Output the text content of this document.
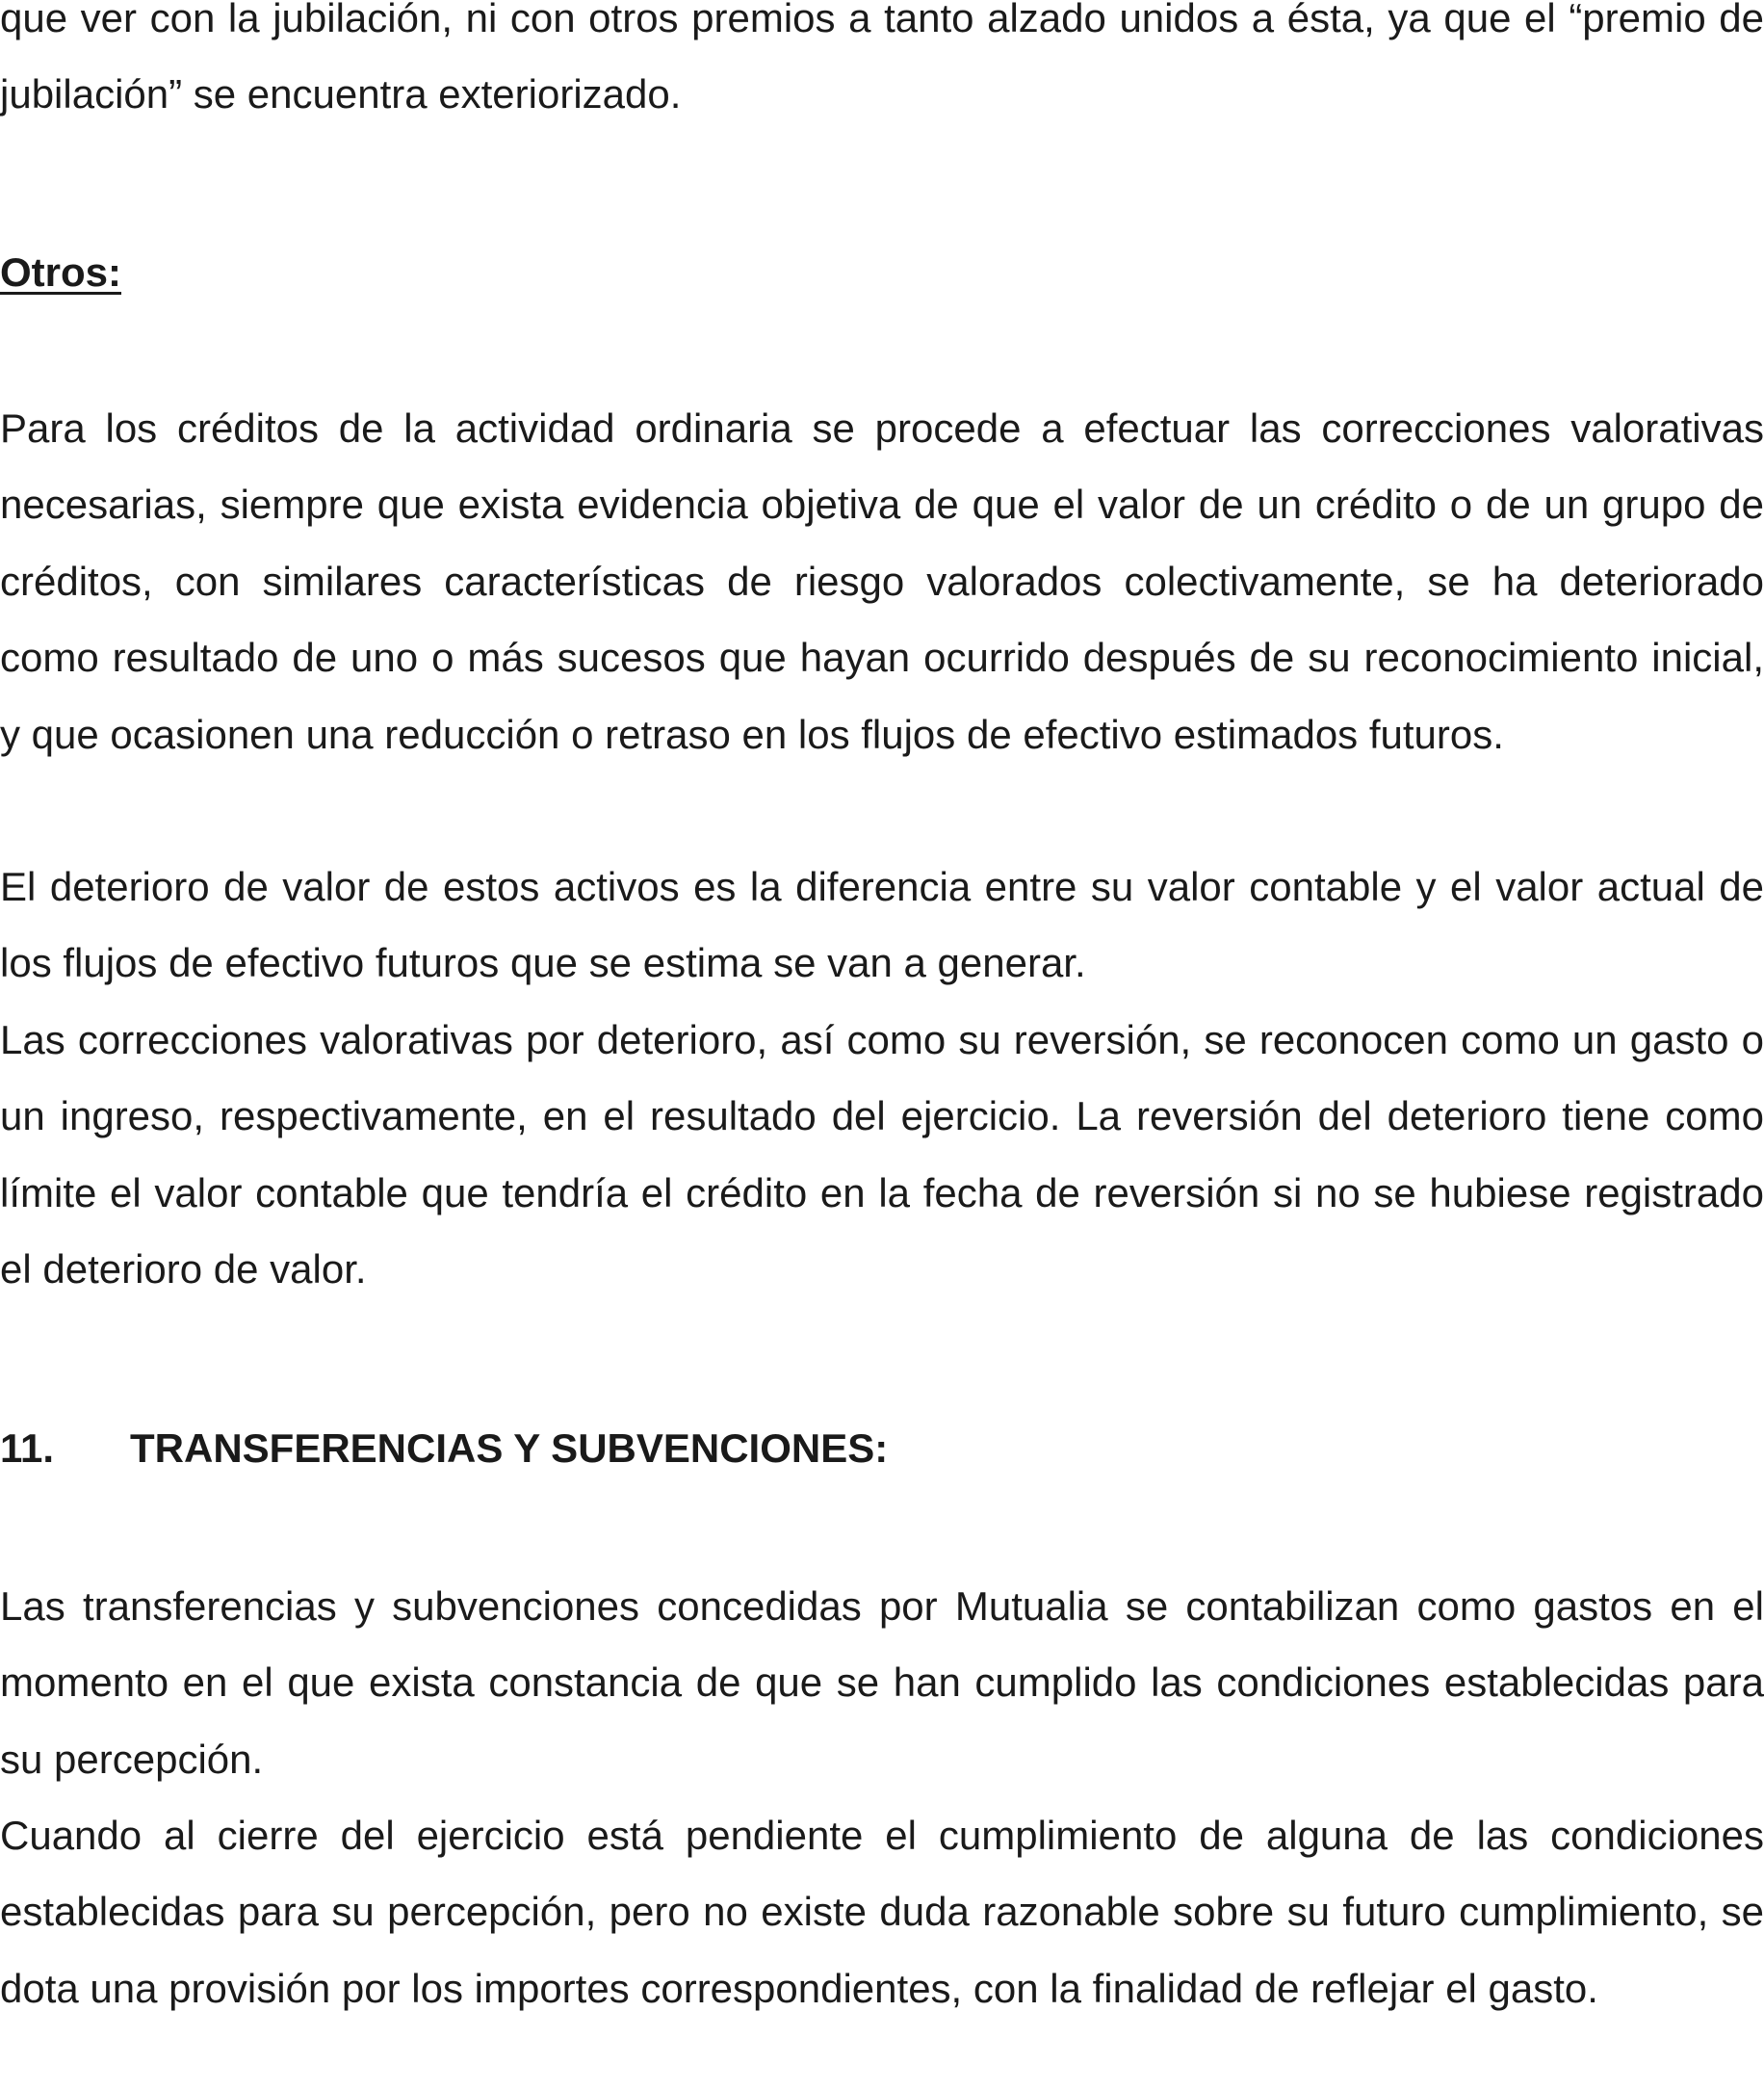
que ver con la jubilación, ni con otros premios a tanto alzado unidos a ésta, ya que el “premio de jubilación” se encuentra exteriorizado.

Otros:

Para los créditos de la actividad ordinaria se procede a efectuar las correcciones valorativas necesarias, siempre que exista evidencia objetiva de que el valor de un crédito o de un grupo de créditos, con similares características de riesgo valorados colectivamente, se ha deteriorado como resultado de uno o más sucesos que hayan ocurrido después de su reconocimiento inicial, y que ocasionen una reducción o retraso en los flujos de efectivo estimados futuros.

El deterioro de valor de estos activos es la diferencia entre su valor contable y el valor actual de los flujos de efectivo futuros que se estima se van a generar.

Las correcciones valorativas por deterioro, así como su reversión, se reconocen como un gasto o un ingreso, respectivamente, en el resultado del ejercicio. La reversión del deterioro tiene como límite el valor contable que tendría el crédito en la fecha de reversión si no se hubiese registrado el deterioro de valor.

11. TRANSFERENCIAS Y SUBVENCIONES:

Las transferencias y subvenciones concedidas por Mutualia se contabilizan como gastos en el momento en el que exista constancia de que se han cumplido las condiciones establecidas para su percepción.

Cuando al cierre del ejercicio está pendiente el cumplimiento de alguna de las condiciones establecidas para su percepción, pero no existe duda razonable sobre su futuro cumplimiento, se dota una provisión por los importes correspondientes, con la finalidad de reflejar el gasto.
